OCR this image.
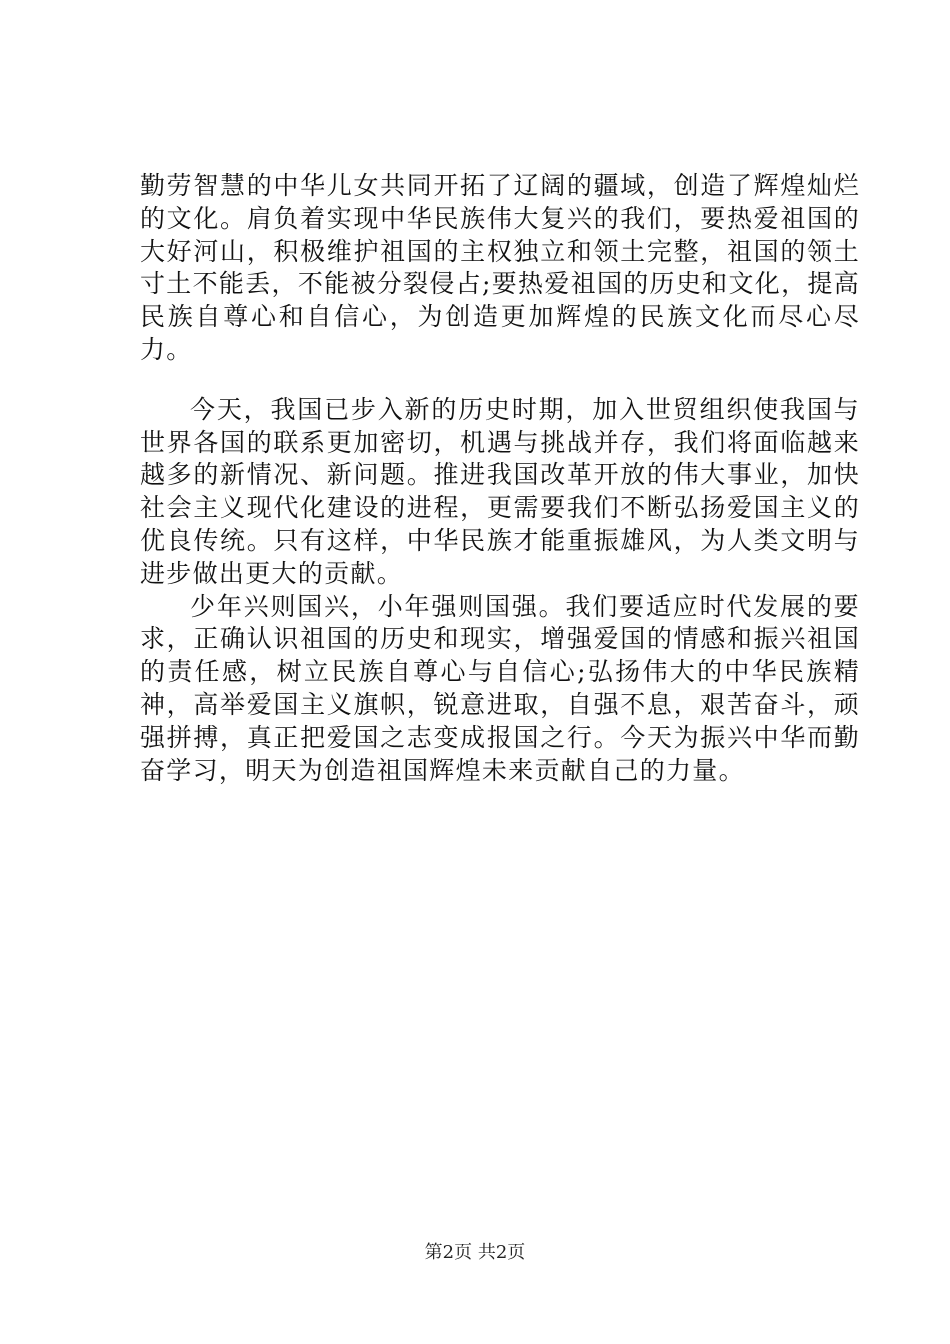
勤劳智慧的中华儿女共同开拓了辽阔的疆域，创造了辉煌灿烂的文化。肩负着实现中华民族伟大复兴的我们，要热爱祖国的大好河山，积极维护祖国的主权独立和领土完整，祖国的领土寸土不能丢，不能被分裂侵占;要热爱祖国的历史和文化，提高民族自尊心和自信心，为创造更加辉煌的民族文化而尽心尽力。

今天，我国已步入新的历史时期，加入世贸组织使我国与世界各国的联系更加密切，机遇与挑战并存，我们将面临越来越多的新情况、新问题。推进我国改革开放的伟大事业，加快社会主义现代化建设的进程，更需要我们不断弘扬爱国主义的优良传统。只有这样，中华民族才能重振雄风，为人类文明与进步做出更大的贡献。

少年兴则国兴，小年强则国强。我们要适应时代发展的要求，正确认识祖国的历史和现实，增强爱国的情感和振兴祖国的责任感，树立民族自尊心与自信心;弘扬伟大的中华民族精神，高举爱国主义旗帜，锐意进取，自强不息，艰苦奋斗，顽强拼搏，真正把爱国之志变成报国之行。今天为振兴中华而勤奋学习，明天为创造祖国辉煌未来贡献自己的力量。

第2页 共2页
